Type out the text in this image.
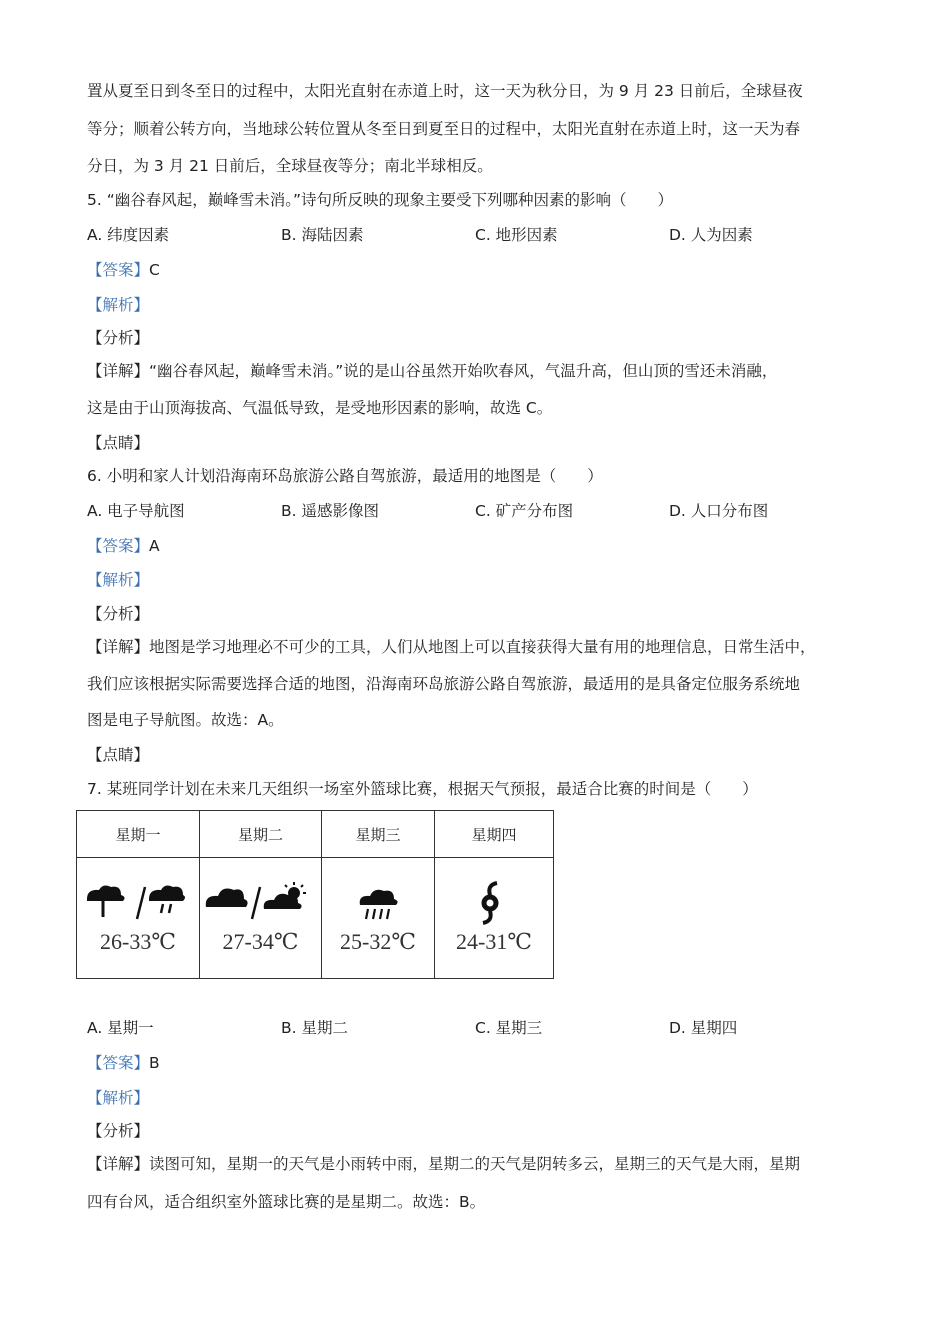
置从夏至日到冬至日的过程中，太阳光直射在赤道上时，这一天为秋分日，为 9 月 23 日前后，全球昼夜
等分；顺着公转方向，当地球公转位置从冬至日到夏至日的过程中，太阳光直射在赤道上时，这一天为春
分日，为 3 月 21 日前后，全球昼夜等分；南北半球相反。
5. “幽谷春风起，巅峰雪未消。”诗句所反映的现象主要受下列哪种因素的影响（　　）
A. 纬度因素	B. 海陆因素	C. 地形因素	D. 人为因素
【答案】C
【解析】
【分析】
【详解】“幽谷春风起，巅峰雪未消。”说的是山谷虽然开始吹春风，气温升高，但山顶的雪还未消融，
这是由于山顶海拔高、气温低导致，是受地形因素的影响，故选 C。
【点睛】
6. 小明和家人计划沿海南环岛旅游公路自驾旅游，最适用的地图是（　　）
A. 电子导航图	B. 遥感影像图	C. 矿产分布图	D. 人口分布图
【答案】A
【解析】
【分析】
【详解】地图是学习地理必不可少的工具，人们从地图上可以直接获得大量有用的地理信息，日常生活中，
我们应该根据实际需要选择合适的地图，沿海南环岛旅游公路自驾旅游，最适用的是具备定位服务系统地
图是电子导航图。故选：A。
【点睛】
7. 某班同学计划在未来几天组织一场室外篮球比赛，根据天气预报，最适合比赛的时间是（　　）
星期一	星期二	星期三	星期四

26-33℃	27-34℃	25-32℃	24-31℃
A. 星期一	B. 星期二	C. 星期三	D. 星期四
【答案】B
【解析】
【分析】
【详解】读图可知，星期一的天气是小雨转中雨，星期二的天气是阴转多云，星期三的天气是大雨，星期
四有台风，适合组织室外篮球比赛的是星期二。故选：B。
